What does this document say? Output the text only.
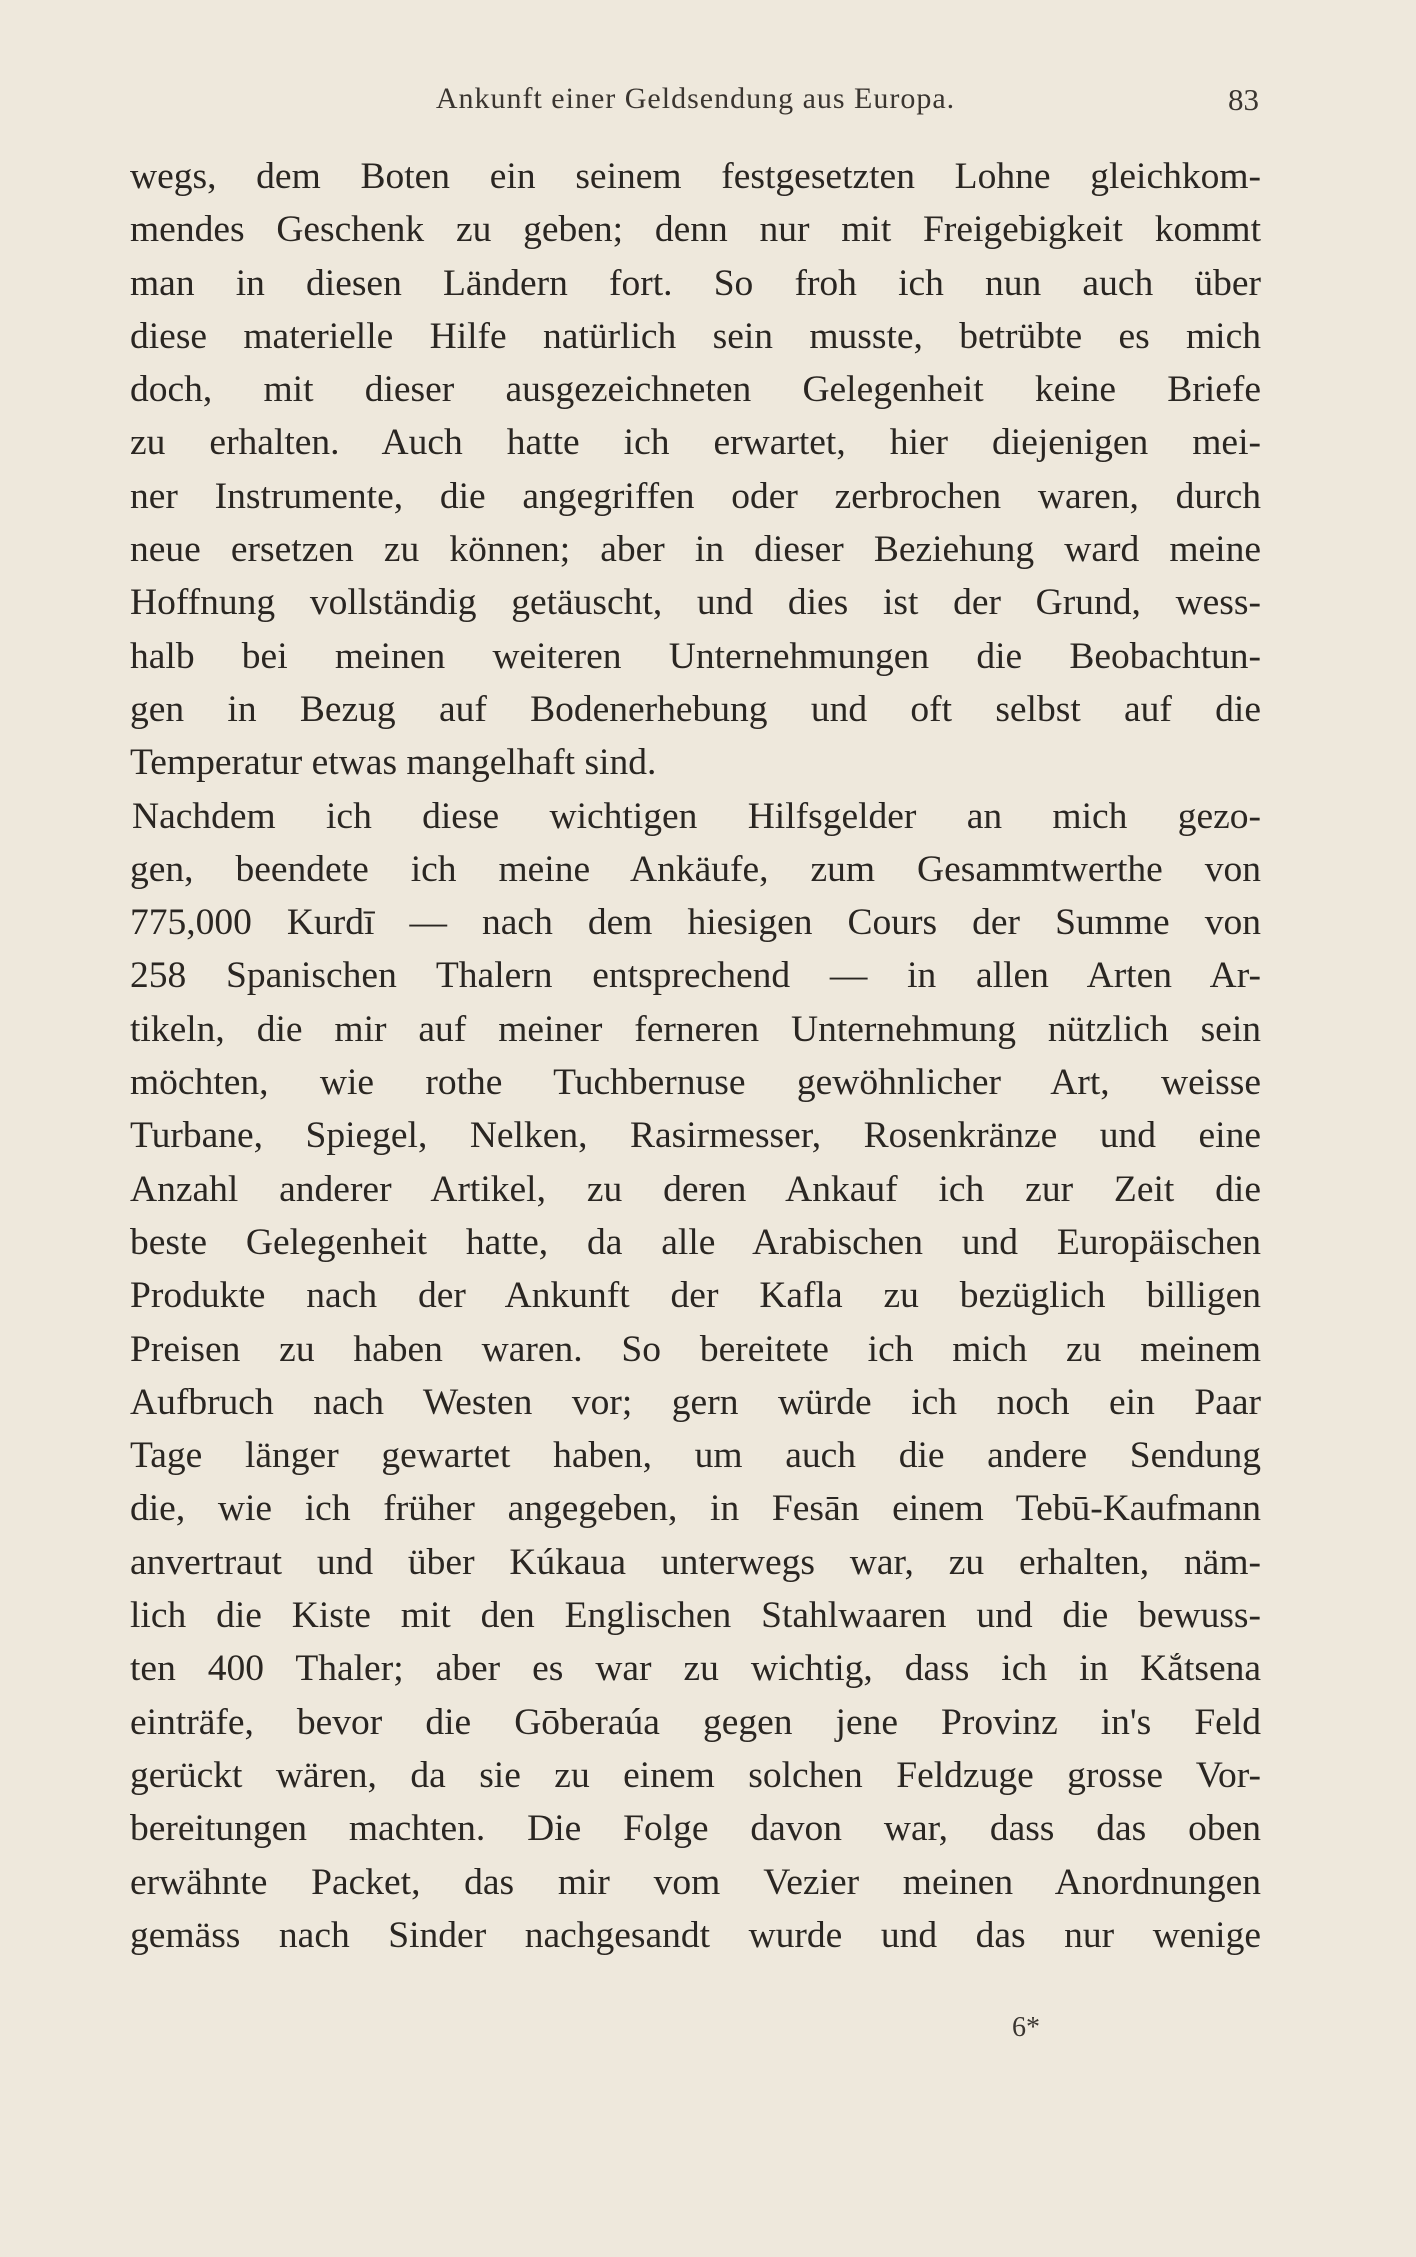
Ankunft einer Geldsendung aus Europa.	83
wegs, dem Boten ein seinem festgesetzten Lohne gleichkom-
mendes Geschenk zu geben; denn nur mit Freigebigkeit kommt
man in diesen Ländern fort. So froh ich nun auch über
diese materielle Hilfe natürlich sein musste, betrübte es mich
doch, mit dieser ausgezeichneten Gelegenheit keine Briefe
zu erhalten. Auch hatte ich erwartet, hier diejenigen mei-
ner Instrumente, die angegriffen oder zerbrochen waren, durch
neue ersetzen zu können; aber in dieser Beziehung ward meine
Hoffnung vollständig getäuscht, und dies ist der Grund, wess-
halb bei meinen weiteren Unternehmungen die Beobachtun-
gen in Bezug auf Bodenerhebung und oft selbst auf die
Temperatur etwas mangelhaft sind.
Nachdem ich diese wichtigen Hilfsgelder an mich gezo-
gen, beendete ich meine Ankäufe, zum Gesammtwerthe von
775,000 Kurdī — nach dem hiesigen Cours der Summe von
258 Spanischen Thalern entsprechend — in allen Arten Ar-
tikeln, die mir auf meiner ferneren Unternehmung nützlich sein
möchten, wie rothe Tuchbernuse gewöhnlicher Art, weisse
Turbane, Spiegel, Nelken, Rasirmesser, Rosenkränze und eine
Anzahl anderer Artikel, zu deren Ankauf ich zur Zeit die
beste Gelegenheit hatte, da alle Arabischen und Europäischen
Produkte nach der Ankunft der Kafla zu bezüglich billigen
Preisen zu haben waren. So bereitete ich mich zu meinem
Aufbruch nach Westen vor; gern würde ich noch ein Paar
Tage länger gewartet haben, um auch die andere Sendung
die, wie ich früher angegeben, in Fesān einem Tebū-Kaufmann
anvertraut und über Kúkaua unterwegs war, zu erhalten, näm-
lich die Kiste mit den Englischen Stahlwaaren und die bewuss-
ten 400 Thaler; aber es war zu wichtig, dass ich in Kắtsena
einträfe, bevor die Gōberaúa gegen jene Provinz in's Feld
gerückt wären, da sie zu einem solchen Feldzuge grosse Vor-
bereitungen machten. Die Folge davon war, dass das oben
erwähnte Packet, das mir vom Vezier meinen Anordnungen
gemäss nach Sinder nachgesandt wurde und das nur wenige
6*
